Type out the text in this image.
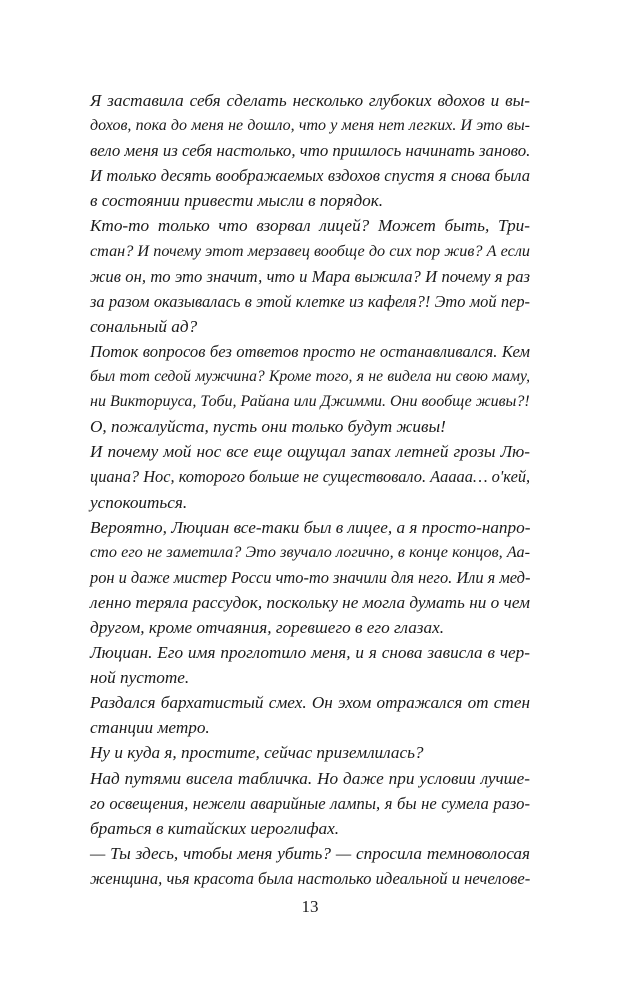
Я заставила себя сделать несколько глубоких вдохов и вы-
дохов, пока до меня не дошло, что у меня нет легких. И это вы-
вело меня из себя настолько, что пришлось начинать заново.
И только десять воображаемых вздохов спустя я снова была
в состоянии привести мысли в порядок.
Кто-то только что взорвал лицей? Может быть, Три-
стан? И почему этот мерзавец вообще до сих пор жив? А если
жив он, то это значит, что и Мара выжила? И почему я раз
за разом оказывалась в этой клетке из кафеля?! Это мой пер-
сональный ад?
Поток вопросов без ответов просто не останавливался. Кем
был тот седой мужчина? Кроме того, я не видела ни свою маму,
ни Викториуса, Тоби, Райана или Джимми. Они вообще живы?!
О, пожалуйста, пусть они только будут живы!
И почему мой нос все еще ощущал запах летней грозы Лю-
циана? Нос, которого больше не существовало. Аaaaa… о'кей,
успокоиться.
Вероятно, Люциан все-таки был в лицее, а я просто-напро-
сто его не заметила? Это звучало логично, в конце концов, Аа-
рон и даже мистер Росси что-то значили для него. Или я мед-
ленно теряла рассудок, поскольку не могла думать ни о чем
другом, кроме отчаяния, горевшего в его глазах.
Люциан. Его имя проглотило меня, и я снова зависла в чер-
ной пустоте.
Раздался бархатистый смех. Он эхом отражался от стен
станции метро.
Ну и куда я, простите, сейчас приземлилась?
Над путями висела табличка. Но даже при условии лучше-
го освещения, нежели аварийные лампы, я бы не сумела разо-
браться в китайских иероглифах.
— Ты здесь, чтобы меня убить? — спросила темноволосая
женщина, чья красота была настолько идеальной и нечелове-
13
